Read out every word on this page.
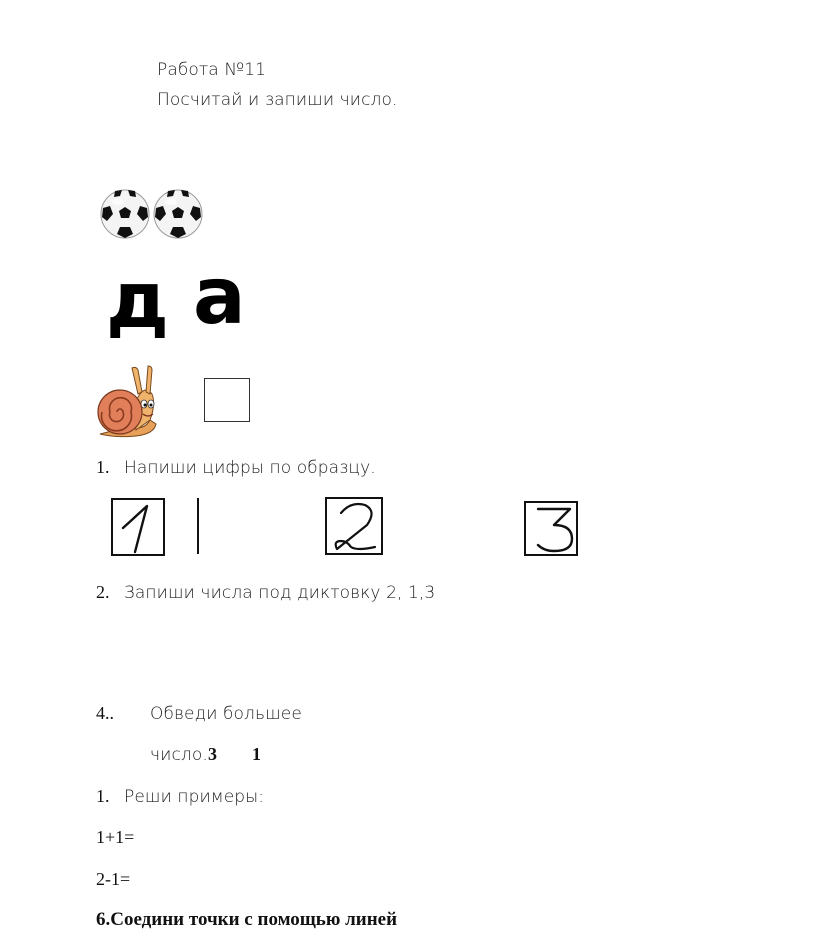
Работа №11
Посчитай и запиши число.
д а
1. Напиши цифры по образцу.
2. Запиши числа под диктовку 2, 1,3
4.. Обведи большее
число. 3 1
1. Реши примеры:
1+1=
2-1=
6.Соедини точки с помощью линей
